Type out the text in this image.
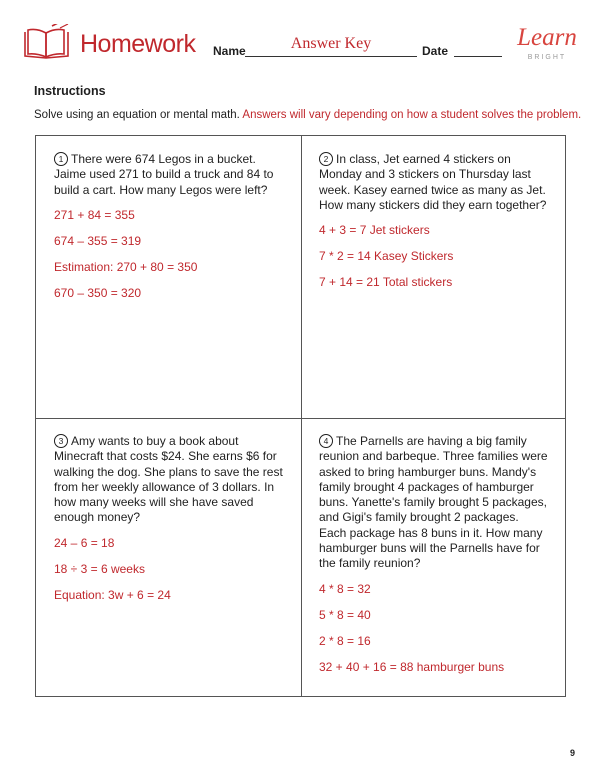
Homework Name	Answer Key	Date	Learn
BRIGHT
Instructions
Solve using an equation or mental math. Answers will vary depending on how a student solves the problem.

1 There were 674 Legos in a bucket. Jaime used 271 to build a truck and 84 to build a cart. How many Legos were left?

271 + 84 = 355

674 – 355 = 319

Estimation: 270 + 80 = 350

670 – 350 = 320

2 In class, Jet earned 4 stickers on Monday and 3 stickers on Thursday last week. Kasey earned twice as many as Jet. How many stickers did they earn together?

4 + 3 = 7 Jet stickers

7 * 2 = 14 Kasey Stickers

7 + 14 = 21 Total stickers

3 Amy wants to buy a book about Minecraft that costs $24. She earns $6 for walking the dog. She plans to save the rest from her weekly allowance of 3 dollars. In how many weeks will she have saved enough money?

24 – 6 = 18

18 ÷ 3 = 6 weeks

Equation: 3w + 6 = 24

4 The Parnells are having a big family reunion and barbeque. Three families were asked to bring hamburger buns. Mandy's family brought 4 packages of hamburger buns. Yanette's family brought 5 packages, and Gigi's family brought 2 packages. Each package has 8 buns in it. How many hamburger buns will the Parnells have for the family reunion?

4 * 8 = 32

5 * 8 = 40

2 * 8 = 16

32 + 40 + 16 = 88 hamburger buns

9
